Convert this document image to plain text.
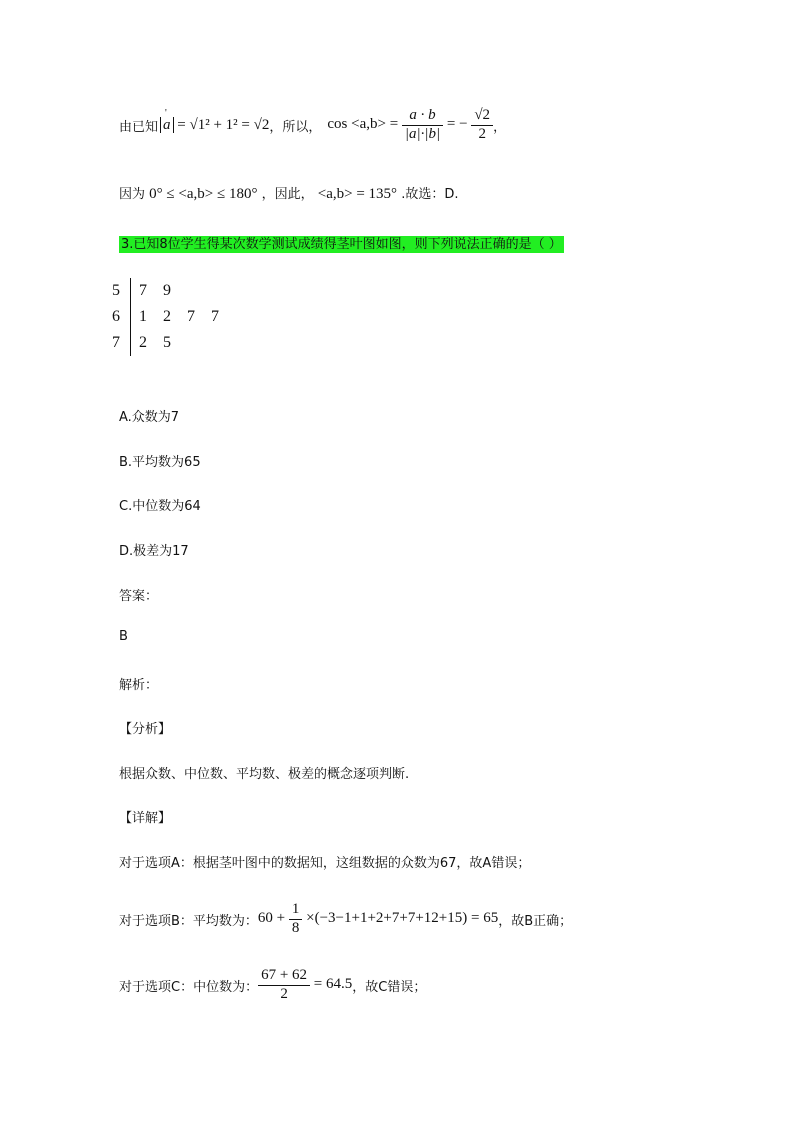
由已知 ' a = √1² + 1² = √2 ，所以， $\cos <a,b> = \frac{a \cdot b}{|a|\cdot|b|}$ = − $\frac{√2}{2}$ ，
因为 0° ≤ <a,b> ≤ 180° ，因此， <a,b> = 135° .故选：D.
3.已知8位学生得某次数学测试成绩得茎叶图如图，则下列说法正确的是（ ）
5	7	9		
6	1	2	7	7
7	2	5		
A.众数为7
B.平均数为65
C.中位数为64
D.极差为17
答案：
B
解析：
【分析】
根据众数、中位数、平均数、极差的概念逐项判断.
【详解】
对于选项A：根据茎叶图中的数据知，这组数据的众数为67，故A错误；
对于选项B：平均数为： $60 + \frac{1}{8} \times(-3-1+1+2+7+7+12+15) = 65$ ，故B正确；
对于选项C：中位数为： $\frac{67 + 62}{2} = 64.5$ ，故C错误；
